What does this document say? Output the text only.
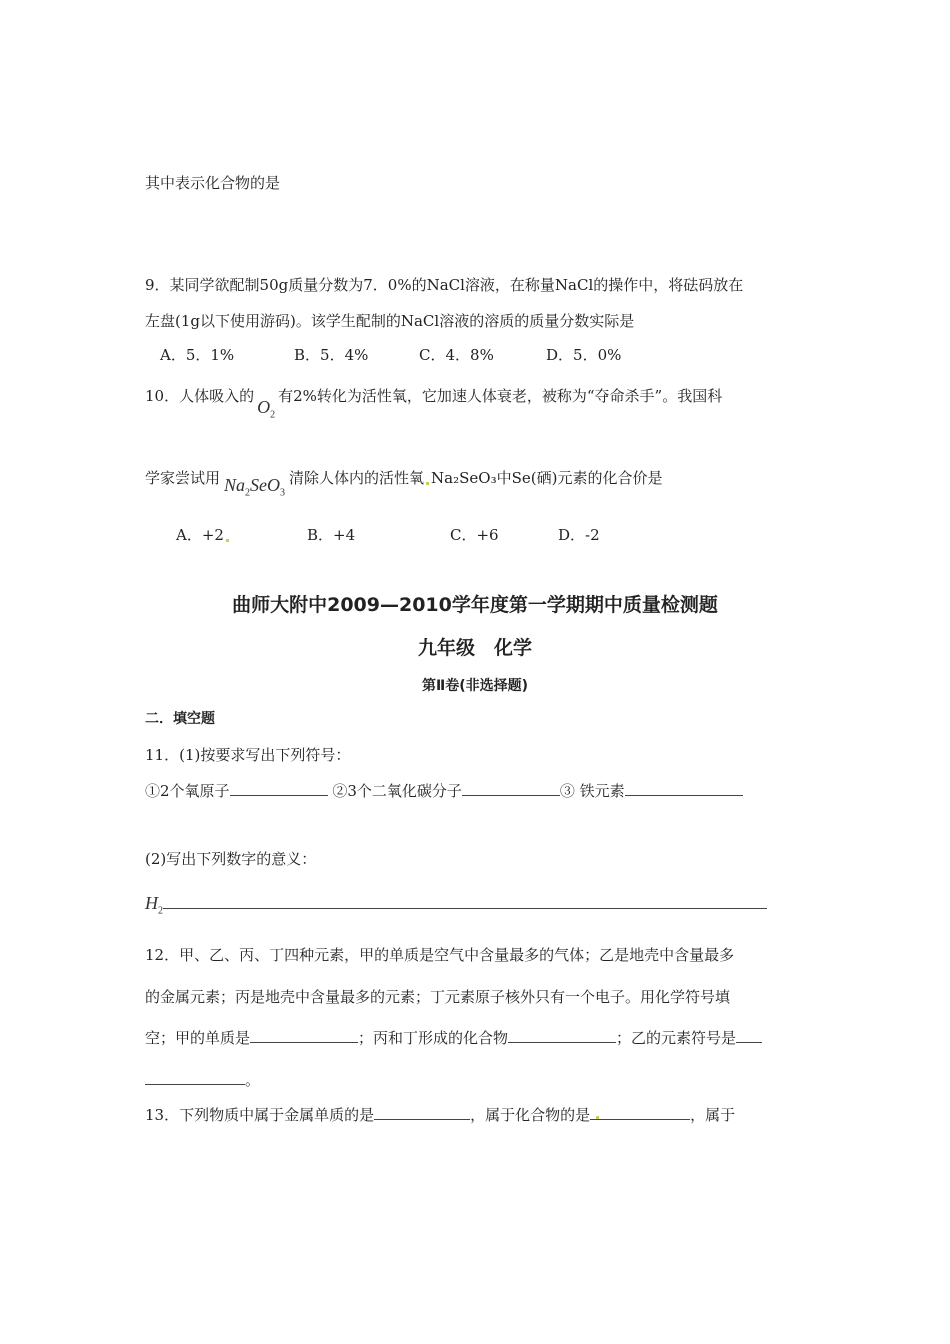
其中表示化合物的是
9．某同学欲配制50g质量分数为7．0%的NaCl溶液，在称量NaCl的操作中，将砝码放在
左盘(1g以下使用游码)。该学生配制的NaCl溶液的溶质的质量分数实际是
A．5．1%	B．5．4%	C．4．8%	D．5．0%
10．人体吸入的$O_2$有2%转化为活性氧，它加速人体衰老，被称为“夺命杀手”。我国科
学家尝试用 $Na_2SeO_3$清除人体内的活性氧 Na₂SeO₃中Se(硒)元素的化合价是
A．+2	B．+4	C．+6	D．-2
曲师大附中2009—2010学年度第一学期期中质量检测题
九年级　化学
第Ⅱ卷(非选择题)
二．填空题
11．(1)按要求写出下列符号：
①2个氧原子	②3个二氧化碳分子	③ 铁元素
(2)写出下列数字的意义：
$H_2$
12．甲、乙、丙、丁四种元素，甲的单质是空气中含量最多的气体；乙是地壳中含量最多
的金属元素；丙是地壳中含量最多的元素；丁元素原子核外只有一个电子。用化学符号填
空；甲的单质是	；丙和丁形成的化合物	；乙的元素符号是
。
13．下列物质中属于金属单质的是	，属于化合物的是	，属于
